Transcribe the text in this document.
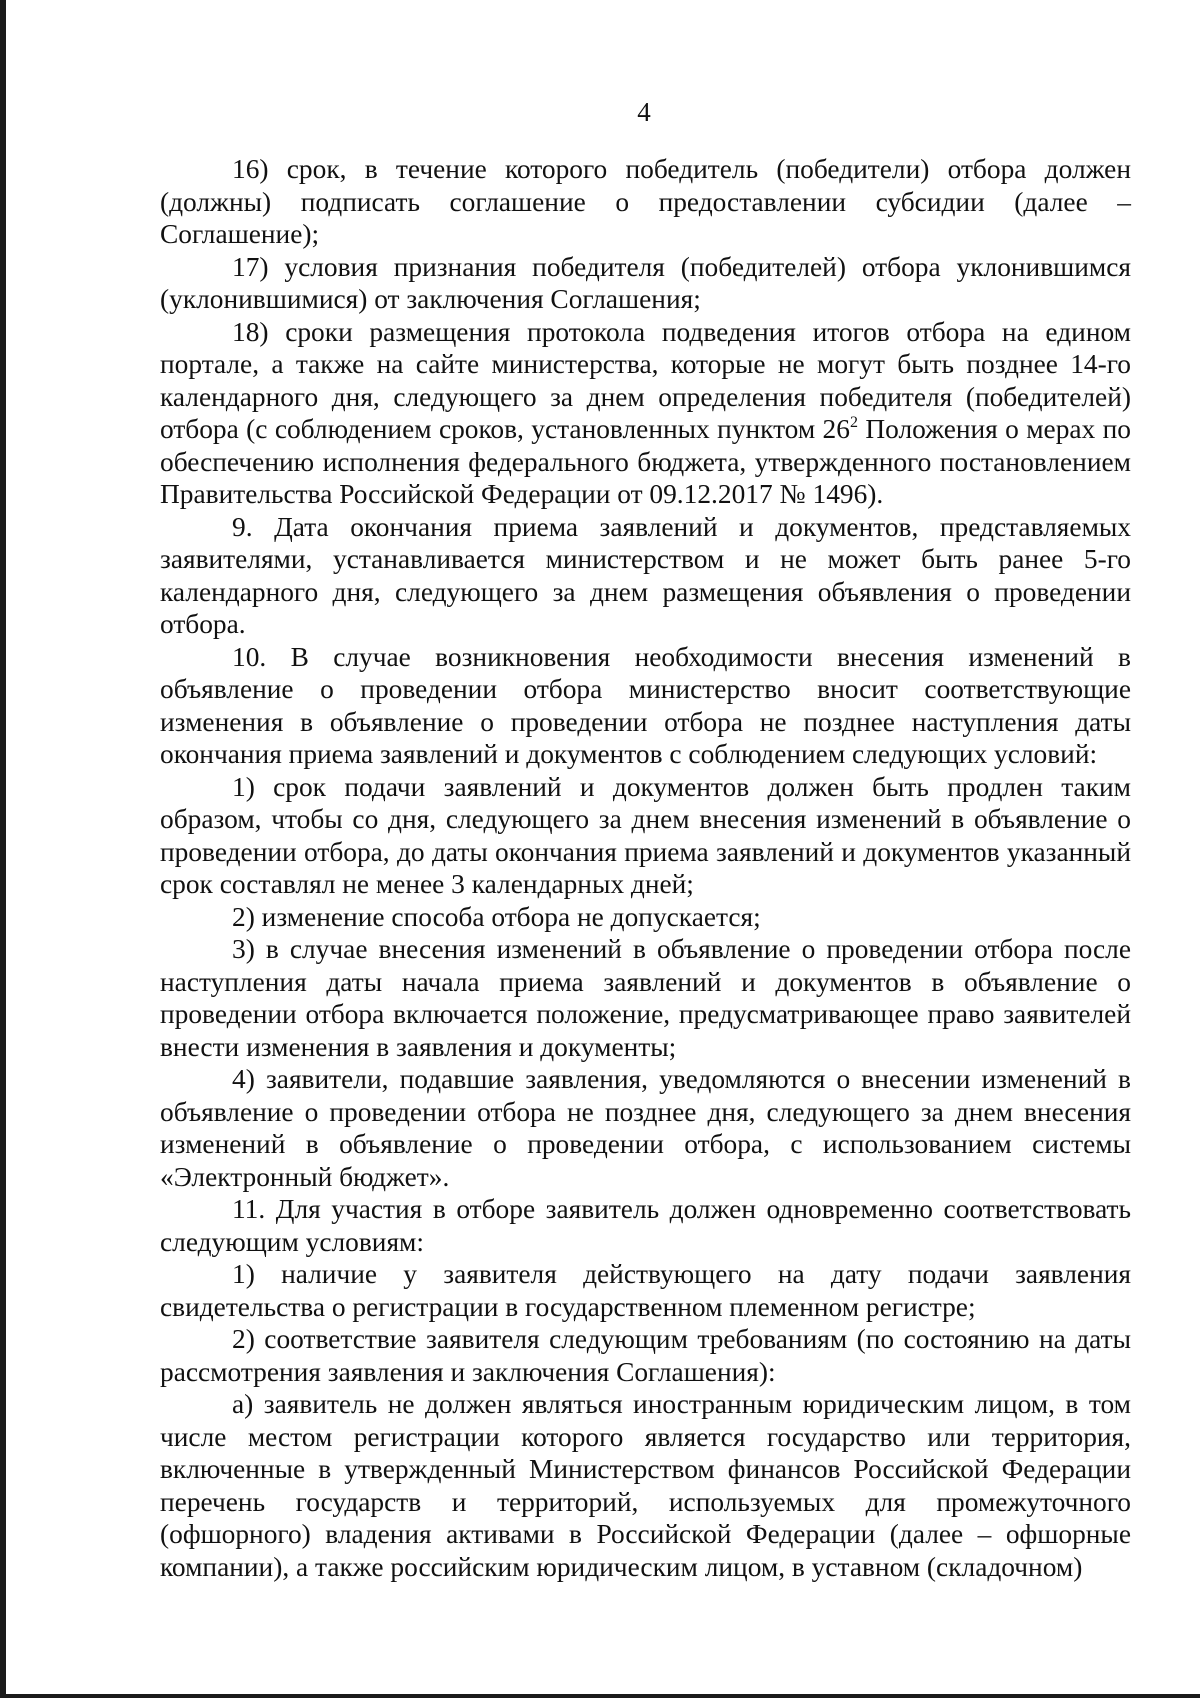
4

16) срок, в течение которого победитель (победители) отбора должен (должны) подписать соглашение о предоставлении субсидии (далее – Соглашение);

17) условия признания победителя (победителей) отбора уклонившимся (уклонившимися) от заключения Соглашения;

18) сроки размещения протокола подведения итогов отбора на едином портале, а также на сайте министерства, которые не могут быть позднее 14-го календарного дня, следующего за днем определения победителя (победителей) отбора (с соблюдением сроков, установленных пунктом $26^2$ Положения о мерах по обеспечению исполнения федерального бюджета, утвержденного постановлением Правительства Российской Федерации от 09.12.2017 № 1496).

9. Дата окончания приема заявлений и документов, представляемых заявителями, устанавливается министерством и не может быть ранее 5-го календарного дня, следующего за днем размещения объявления о проведении отбора.

10. В случае возникновения необходимости внесения изменений в объявление о проведении отбора министерство вносит соответствующие изменения в объявление о проведении отбора не позднее наступления даты окончания приема заявлений и документов с соблюдением следующих условий:

1) срок подачи заявлений и документов должен быть продлен таким образом, чтобы со дня, следующего за днем внесения изменений в объявление о проведении отбора, до даты окончания приема заявлений и документов указанный срок составлял не менее 3 календарных дней;

2) изменение способа отбора не допускается;

3) в случае внесения изменений в объявление о проведении отбора после наступления даты начала приема заявлений и документов в объявление о проведении отбора включается положение, предусматривающее право заявителей внести изменения в заявления и документы;

4) заявители, подавшие заявления, уведомляются о внесении изменений в объявление о проведении отбора не позднее дня, следующего за днем внесения изменений в объявление о проведении отбора, с использованием системы «Электронный бюджет».

11. Для участия в отборе заявитель должен одновременно соответствовать следующим условиям:

1) наличие у заявителя действующего на дату подачи заявления свидетельства о регистрации в государственном племенном регистре;

2) соответствие заявителя следующим требованиям (по состоянию на даты рассмотрения заявления и заключения Соглашения):

а) заявитель не должен являться иностранным юридическим лицом, в том числе местом регистрации которого является государство или территория, включенные в утвержденный Министерством финансов Российской Федерации перечень государств и территорий, используемых для промежуточного (офшорного) владения активами в Российской Федерации (далее – офшорные компании), а также российским юридическим лицом, в уставном (складочном)
